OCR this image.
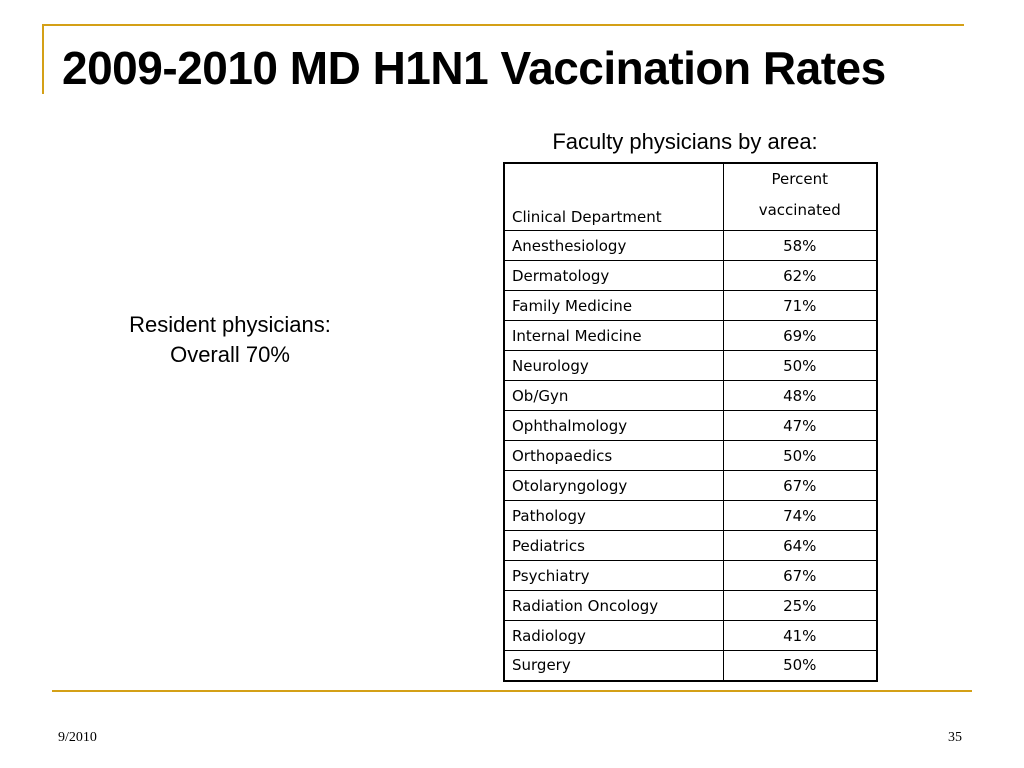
2009-2010 MD H1N1 Vaccination Rates
Faculty physicians by area:
Resident physicians:
Overall 70%
Clinical Department	Percent
vaccinated
Anesthesiology	58%
Dermatology	62%
Family Medicine	71%
Internal Medicine	69%
Neurology	50%
Ob/Gyn	48%
Ophthalmology	47%
Orthopaedics	50%
Otolaryngology	67%
Pathology	74%
Pediatrics	64%
Psychiatry	67%
Radiation Oncology	25%
Radiology	41%
Surgery	50%
9/2010	35
